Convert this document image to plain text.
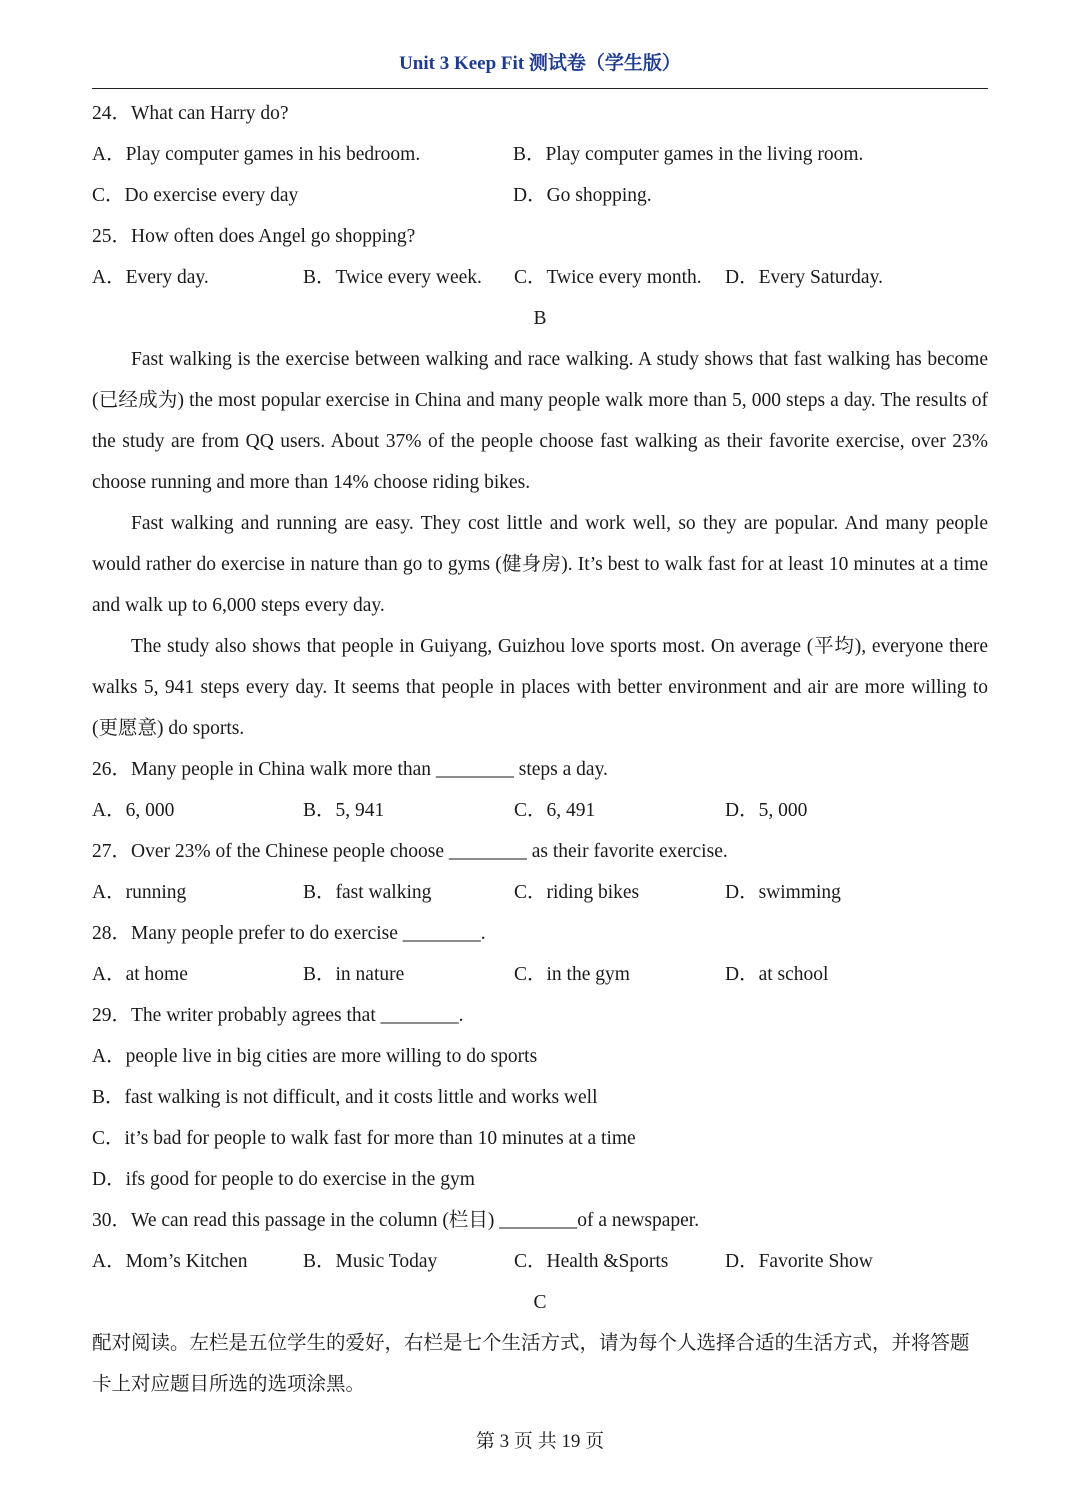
Unit 3 Keep Fit 测试卷（学生版）
24．What can Harry do?
A．Play computer games in his bedroom.	B．Play computer games in the living room.
C．Do exercise every day	D．Go shopping.
25．How often does Angel go shopping?
A．Every day.	B．Twice every week.	C．Twice every month.	D．Every Saturday.
B
Fast walking is the exercise between walking and race walking. A study shows that fast walking has become (已经成为) the most popular exercise in China and many people walk more than 5, 000 steps a day. The results of the study are from QQ users. About 37% of the people choose fast walking as their favorite exercise, over 23% choose running and more than 14% choose riding bikes.
Fast walking and running are easy. They cost little and work well, so they are popular. And many people would rather do exercise in nature than go to gyms (健身房). It’s best to walk fast for at least 10 minutes at a time and walk up to 6,000 steps every day.
The study also shows that people in Guiyang, Guizhou love sports most. On average (平均), everyone there walks 5, 941 steps every day. It seems that people in places with better environment and air are more willing to (更愿意) do sports.
26．Many people in China walk more than ________ steps a day.
A．6, 000	B．5, 941	C．6, 491	D．5, 000
27．Over 23% of the Chinese people choose ________ as their favorite exercise.
A．running	B．fast walking	C．riding bikes	D．swimming
28．Many people prefer to do exercise ________.
A．at home	B．in nature	C．in the gym	D．at school
29．The writer probably agrees that ________.
A．people live in big cities are more willing to do sports
B．fast walking is not difficult, and it costs little and works well
C．it’s bad for people to walk fast for more than 10 minutes at a time
D．ifs good for people to do exercise in the gym
30．We can read this passage in the column (栏目) ________of a newspaper.
A．Mom’s Kitchen	B．Music Today	C．Health &Sports	D．Favorite Show
C
配对阅读。左栏是五位学生的爱好，右栏是七个生活方式，请为每个人选择合适的生活方式，并将答题卡上对应题目所选的选项涂黑。
第 3 页 共 19 页
